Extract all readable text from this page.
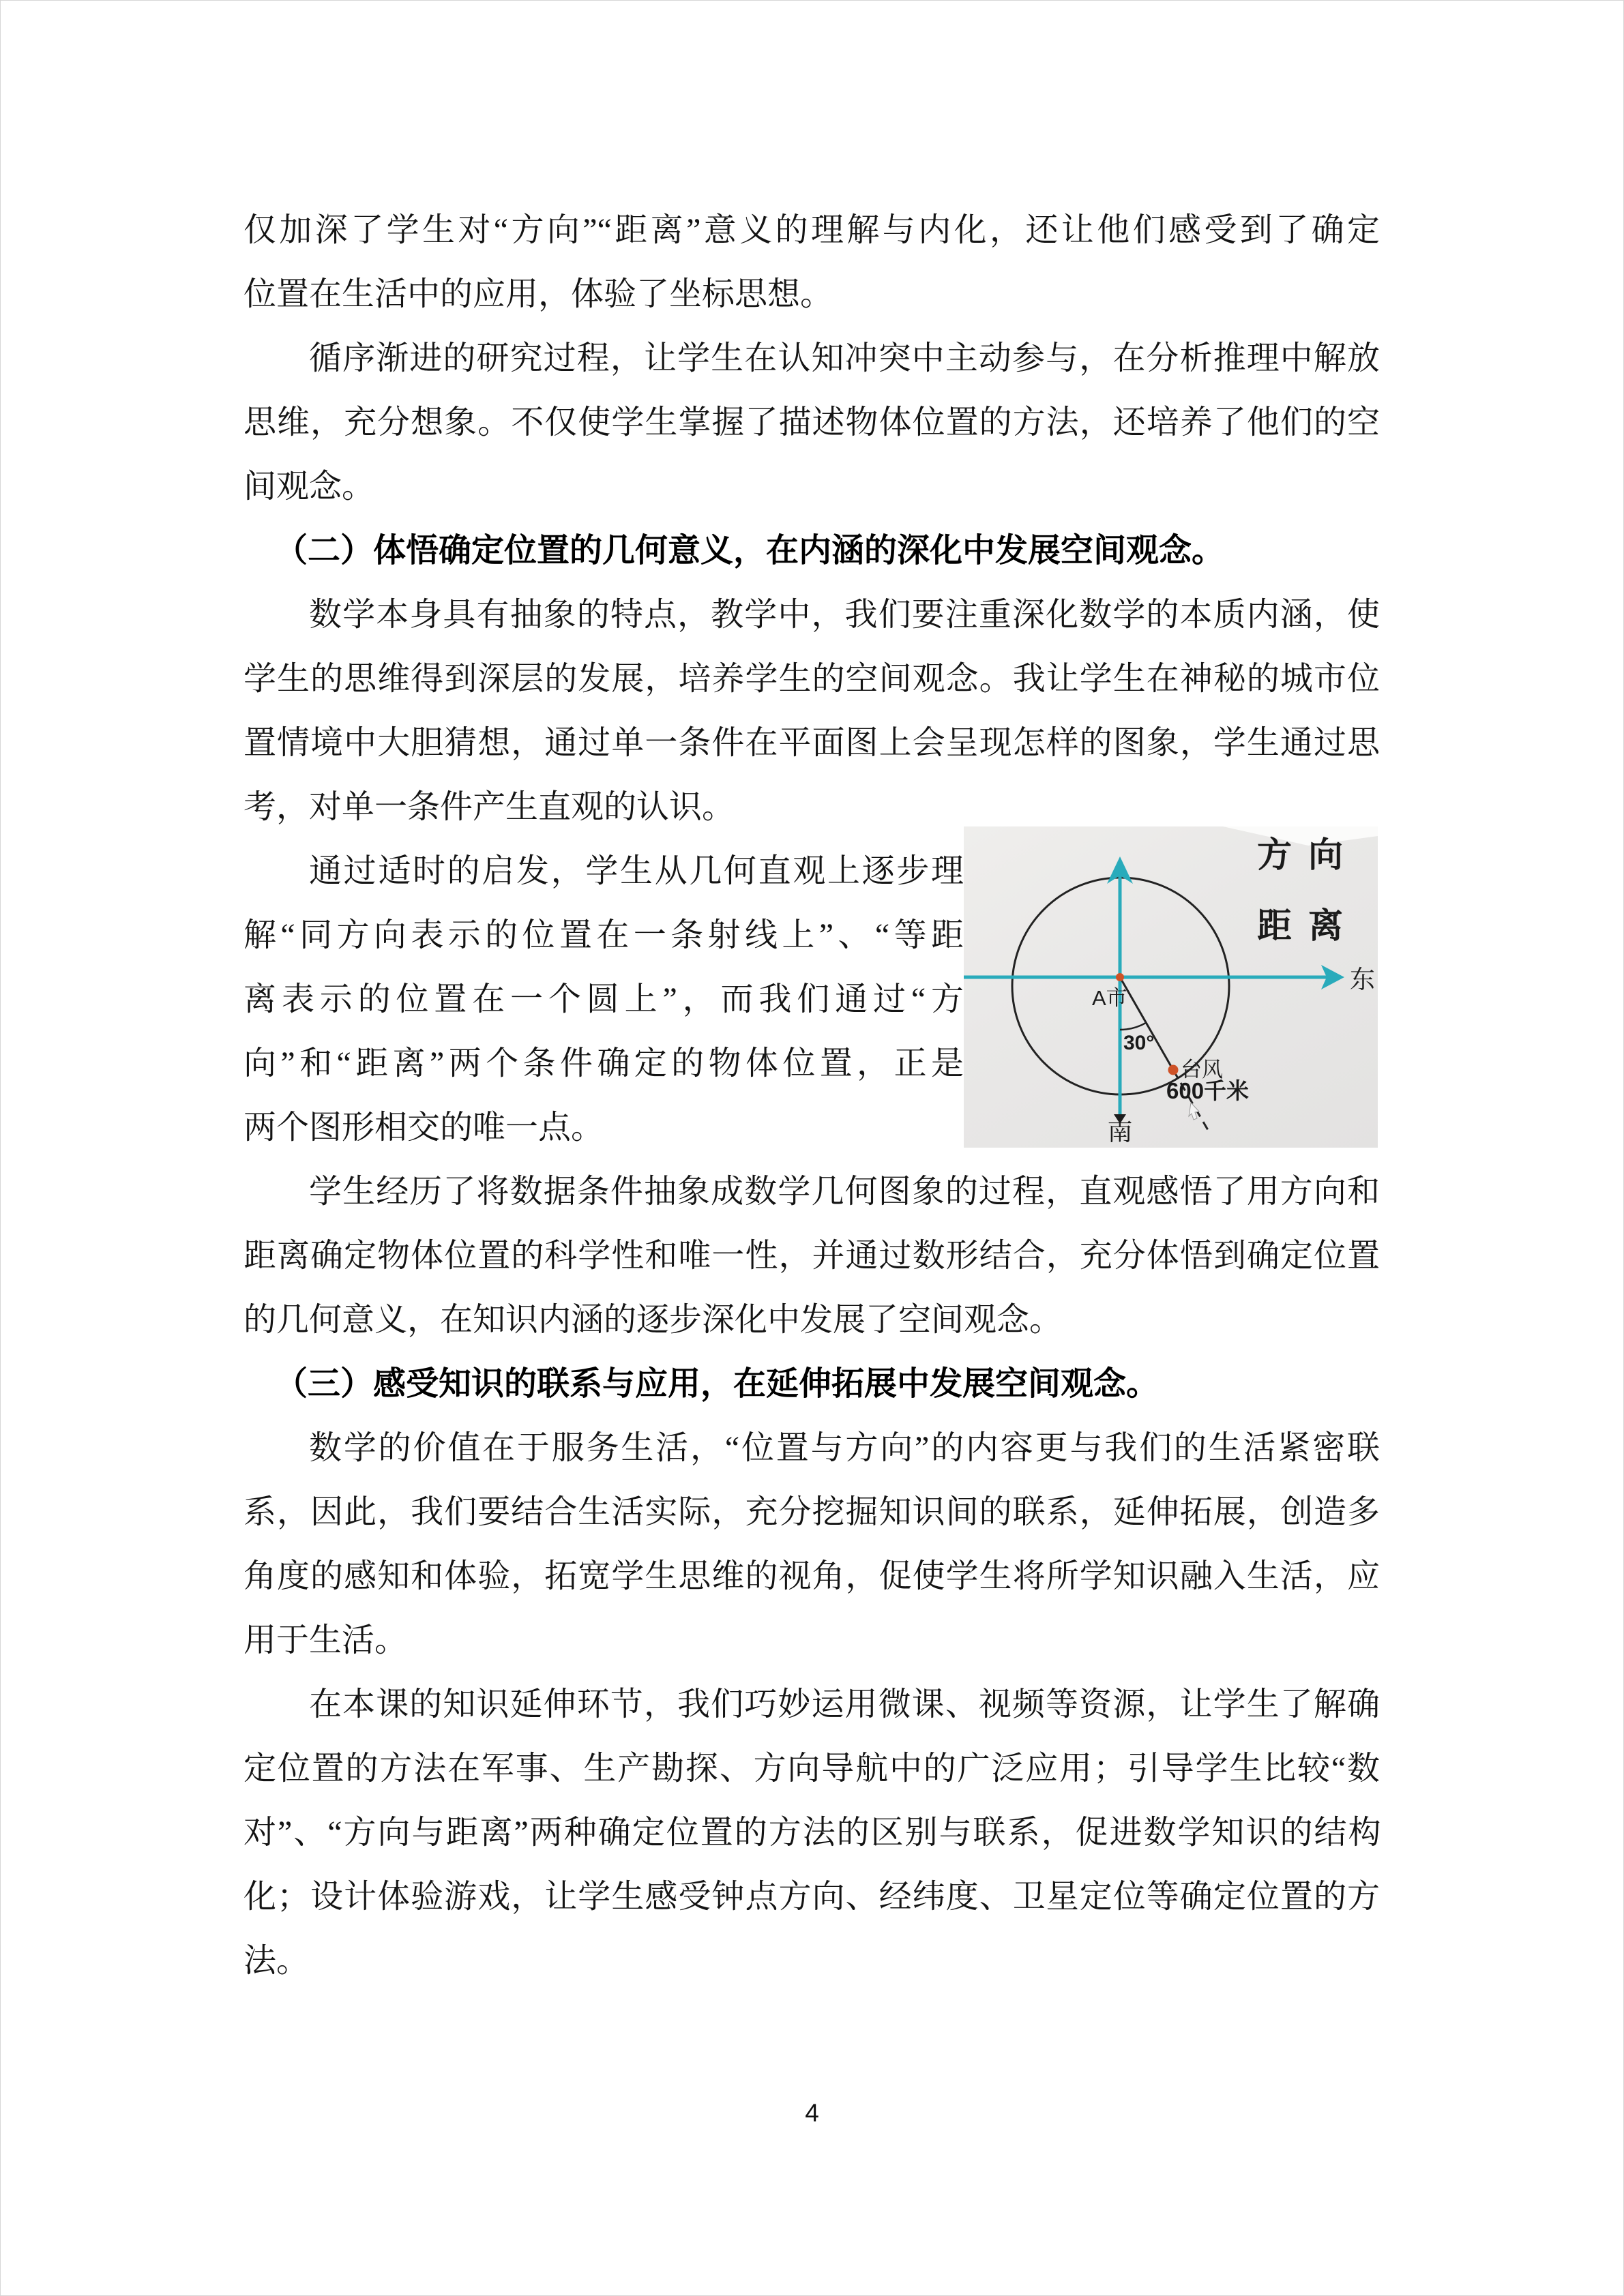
仅加深了学生对“方向”“距离”意义的理解与内化，还让他们感受到了确定
位置在生活中的应用，体验了坐标思想。
循序渐进的研究过程，让学生在认知冲突中主动参与，在分析推理中解放
思维，充分想象。不仅使学生掌握了描述物体位置的方法，还培养了他们的空
间观念。
（二）体悟确定位置的几何意义，在内涵的深化中发展空间观念。
数学本身具有抽象的特点，教学中，我们要注重深化数学的本质内涵，使
学生的思维得到深层的发展，培养学生的空间观念。我让学生在神秘的城市位
置情境中大胆猜想，通过单一条件在平面图上会呈现怎样的图象，学生通过思
考，对单一条件产生直观的认识。
通过适时的启发，学生从几何直观上逐步理
解“同方向表示的位置在一条射线上”、“等距
离表示的位置在一个圆上”，而我们通过“方
向”和“距离”两个条件确定的物体位置，正是
两个图形相交的唯一点。
学生经历了将数据条件抽象成数学几何图象的过程，直观感悟了用方向和
距离确定物体位置的科学性和唯一性，并通过数形结合，充分体悟到确定位置
的几何意义，在知识内涵的逐步深化中发展了空间观念。
（三）感受知识的联系与应用，在延伸拓展中发展空间观念。
数学的价值在于服务生活，“位置与方向”的内容更与我们的生活紧密联
系，因此，我们要结合生活实际，充分挖掘知识间的联系，延伸拓展，创造多
角度的感知和体验，拓宽学生思维的视角，促使学生将所学知识融入生活，应
用于生活。
在本课的知识延伸环节，我们巧妙运用微课、视频等资源，让学生了解确
定位置的方法在军事、生产勘探、方向导航中的广泛应用；引导学生比较“数
对”、“方向与距离”两种确定位置的方法的区别与联系，促进数学知识的结构
化；设计体验游戏，让学生感受钟点方向、经纬度、卫星定位等确定位置的方
法。
东
南
A市
30°
台风
600千米
方向
距离
4
